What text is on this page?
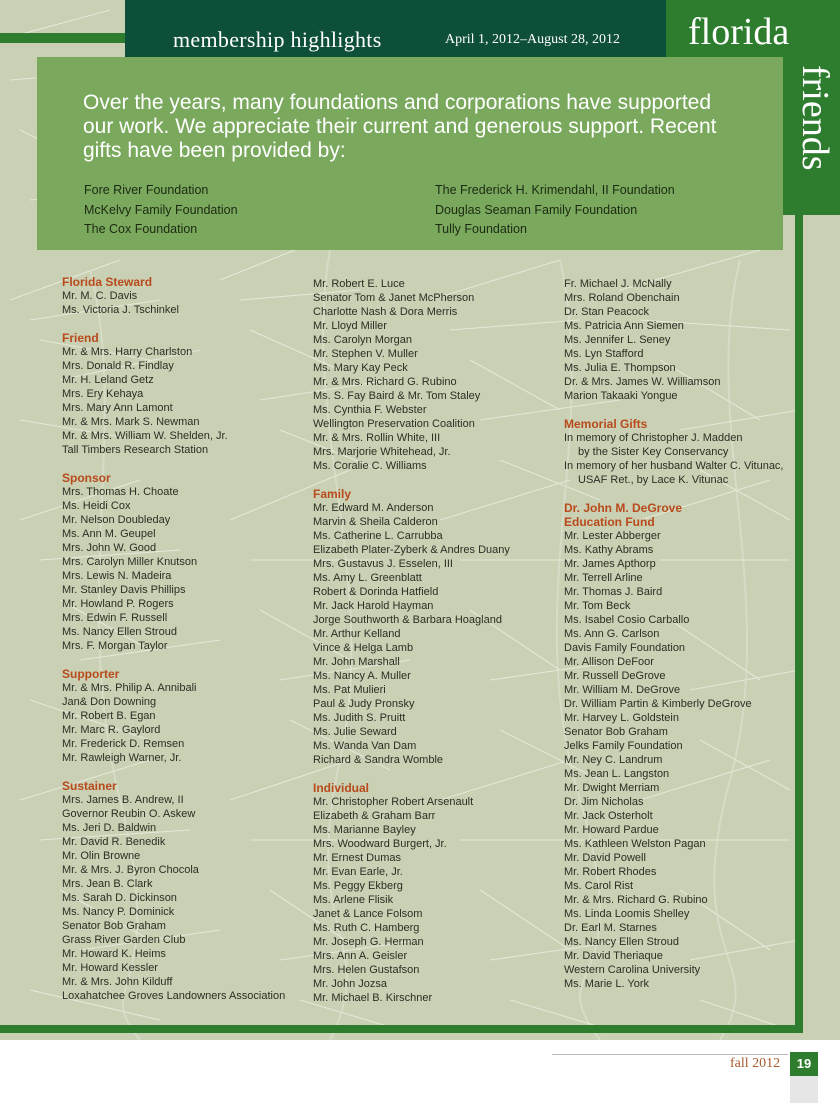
membership highlights	April 1, 2012–August 28, 2012 florida
friends
Over the years, many foundations and corporations have supported our work. We appreciate their current and generous support. Recent gifts have been provided by:
Fore River Foundation
McKelvy Family Foundation
The Cox Foundation
The Frederick H. Krimendahl, II Foundation
Douglas Seaman Family Foundation
Tully Foundation
Florida Steward
Mr. M. C. Davis
Ms. Victoria J. Tschinkel
Friend
Mr. & Mrs. Harry Charlston
Mrs. Donald R. Findlay
Mr. H. Leland Getz
Mrs. Ery Kehaya
Mrs. Mary Ann Lamont
Mr. & Mrs. Mark S. Newman
Mr. & Mrs. William W. Shelden, Jr.
Tall Timbers Research Station
Sponsor
Mrs. Thomas H. Choate
Ms. Heidi Cox
Mr. Nelson Doubleday
Ms. Ann M. Geupel
Mrs. John W. Good
Mrs. Carolyn Miller Knutson
Mrs. Lewis N. Madeira
Mr. Stanley Davis Phillips
Mr. Howland P. Rogers
Mrs. Edwin F. Russell
Ms. Nancy Ellen Stroud
Mrs. F. Morgan Taylor
Supporter
Mr. & Mrs. Philip A. Annibali
Jan& Don Downing
Mr. Robert B. Egan
Mr. Marc R. Gaylord
Mr. Frederick D. Remsen
Mr. Rawleigh Warner, Jr.
Sustainer
Mrs. James B. Andrew, II
Governor Reubin O. Askew
Ms. Jeri D. Baldwin
Mr. David R. Benedik
Mr. Olin Browne
Mr. & Mrs. J. Byron Chocola
Mrs. Jean B. Clark
Ms. Sarah D. Dickinson
Ms. Nancy P. Dominick
Senator Bob Graham
Grass River Garden Club
Mr. Howard K. Heims
Mr. Howard Kessler
Mr. & Mrs. John Kilduff
Loxahatchee Groves Landowners Association
Mr. Robert E. Luce
Senator Tom & Janet McPherson
Charlotte Nash & Dora Merris
Mr. Lloyd Miller
Ms. Carolyn Morgan
Mr. Stephen V. Muller
Ms. Mary Kay Peck
Mr. & Mrs. Richard G. Rubino
Ms. S. Fay Baird & Mr. Tom Staley
Ms. Cynthia F. Webster
Wellington Preservation Coalition
Mr. & Mrs. Rollin White, III
Mrs. Marjorie Whitehead, Jr.
Ms. Coralie C. Williams
Family
Mr. Edward M. Anderson
Marvin & Sheila Calderon
Ms. Catherine L. Carrubba
Elizabeth Plater-Zyberk & Andres Duany
Mrs. Gustavus J. Esselen, III
Ms. Amy L. Greenblatt
Robert & Dorinda Hatfield
Mr. Jack Harold Hayman
Jorge Southworth & Barbara Hoagland
Mr. Arthur Kelland
Vince & Helga Lamb
Mr. John Marshall
Ms. Nancy A. Muller
Ms. Pat Mulieri
Paul & Judy Pronsky
Ms. Judith S. Pruitt
Ms. Julie Seward
Ms. Wanda Van Dam
Richard & Sandra Womble
Individual
Mr. Christopher Robert Arsenault
Elizabeth & Graham Barr
Ms. Marianne Bayley
Mrs. Woodward Burgert, Jr.
Mr. Ernest Dumas
Mr. Evan Earle, Jr.
Ms. Peggy Ekberg
Ms. Arlene Flisik
Janet & Lance Folsom
Ms. Ruth C. Hamberg
Mr. Joseph G. Herman
Mrs. Ann A. Geisler
Mrs. Helen Gustafson
Mr. John Jozsa
Mr. Michael B. Kirschner
Fr. Michael J. McNally
Mrs. Roland Obenchain
Dr. Stan Peacock
Ms. Patricia Ann Siemen
Ms. Jennifer L. Seney
Ms. Lyn Stafford
Ms. Julia E. Thompson
Dr. & Mrs. James W. Williamson
Marion Takaaki Yongue
Memorial Gifts
In memory of Christopher J. Madden
by the Sister Key Conservancy
In memory of her husband Walter C. Vitunac,
USAF Ret., by Lace K. Vitunac
Dr. John M. DeGrove
Education Fund
Mr. Lester Abberger
Ms. Kathy Abrams
Mr. James Apthorp
Mr. Terrell Arline
Mr. Thomas J. Baird
Mr. Tom Beck
Ms. Isabel Cosio Carballo
Ms. Ann G. Carlson
Davis Family Foundation
Mr. Allison DeFoor
Mr. Russell DeGrove
Mr. William M. DeGrove
Dr. William Partin & Kimberly DeGrove
Mr. Harvey L. Goldstein
Senator Bob Graham
Jelks Family Foundation
Mr. Ney C. Landrum
Ms. Jean L. Langston
Mr. Dwight Merriam
Dr. Jim Nicholas
Mr. Jack Osterholt
Mr. Howard Pardue
Ms. Kathleen Welston Pagan
Mr. David Powell
Mr. Robert Rhodes
Ms. Carol Rist
Mr. & Mrs. Richard G. Rubino
Ms. Linda Loomis Shelley
Dr. Earl M. Starnes
Ms. Nancy Ellen Stroud
Mr. David Theriaque
Western Carolina University
Ms. Marie L. York
fall 2012	19
